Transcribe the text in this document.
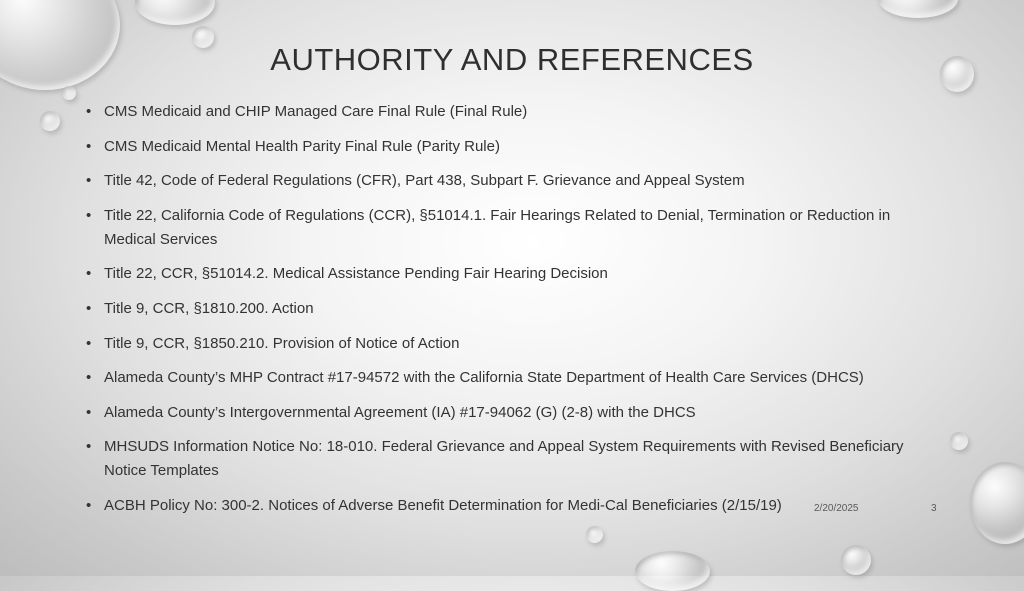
AUTHORITY AND REFERENCES
• CMS Medicaid and CHIP Managed Care Final Rule (Final Rule)
• CMS Medicaid Mental Health Parity Final Rule (Parity Rule)
• Title 42, Code of Federal Regulations (CFR), Part 438, Subpart F. Grievance and Appeal System
• Title 22, California Code of Regulations (CCR), §51014.1. Fair Hearings Related to Denial, Termination or Reduction in Medical Services
• Title 22, CCR, §51014.2. Medical Assistance Pending Fair Hearing Decision
• Title 9, CCR, §1810.200. Action
• Title 9, CCR, §1850.210. Provision of Notice of Action
• Alameda County’s MHP Contract #17-94572 with the California State Department of Health Care Services (DHCS)
• Alameda County’s Intergovernmental Agreement (IA) #17-94062 (G) (2-8) with the DHCS
• MHSUDS Information Notice No: 18-010. Federal Grievance and Appeal System Requirements with Revised Beneficiary Notice Templates
• ACBH Policy No: 300-2. Notices of Adverse Benefit Determination for Medi-Cal Beneficiaries (2/15/19)	2/20/2025	3
